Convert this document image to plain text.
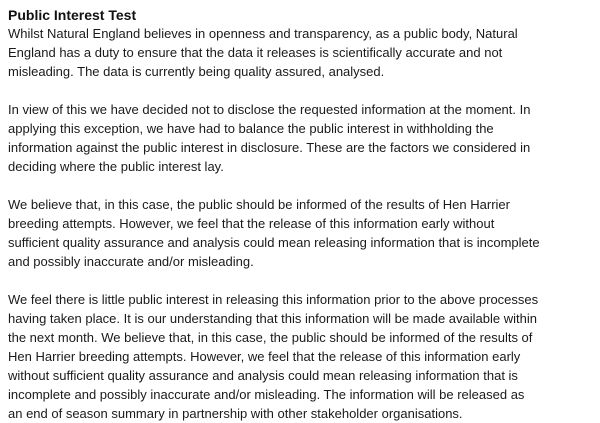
Public Interest Test
Whilst Natural England believes in openness and transparency, as a public body, Natural
England has a duty to ensure that the data it releases is scientifically accurate and not
misleading. The data is currently being quality assured, analysed.
In view of this we have decided not to disclose the requested information at the moment. In
applying this exception, we have had to balance the public interest in withholding the
information against the public interest in disclosure. These are the factors we considered in
deciding where the public interest lay.
We believe that, in this case, the public should be informed of the results of Hen Harrier
breeding attempts. However, we feel that the release of this information early without
sufficient quality assurance and analysis could mean releasing information that is incomplete
and possibly inaccurate and/or misleading.
We feel there is little public interest in releasing this information prior to the above processes
having taken place. It is our understanding that this information will be made available within
the next month. We believe that, in this case, the public should be informed of the results of
Hen Harrier breeding attempts. However, we feel that the release of this information early
without sufficient quality assurance and analysis could mean releasing information that is
incomplete and possibly inaccurate and/or misleading. The information will be released as
an end of season summary in partnership with other stakeholder organisations.
